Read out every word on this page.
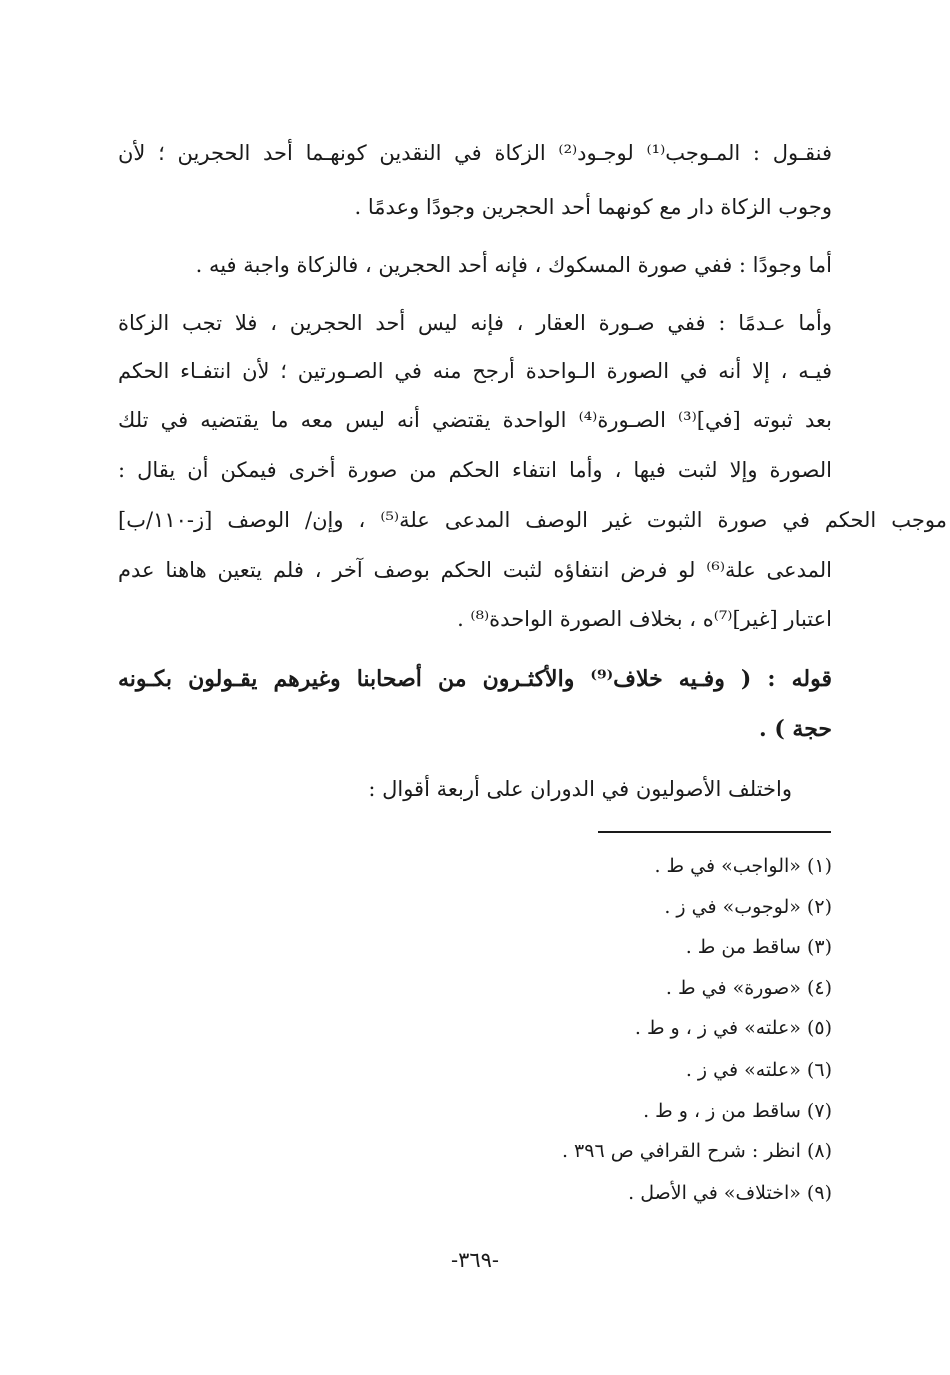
فنقـول : المـوجب⁽¹⁾ لوجـود⁽²⁾ الزكاة في النقدين كونهـما أحد الحجرين ؛ لأن
وجوب الزكاة دار مع كونهما أحد الحجرين وجودًا وعدمًا .
أما وجودًا : ففي صورة المسكوك ، فإنه أحد الحجرين ، فالزكاة واجبة فيه .
وأما عـدمًا : ففي صـورة العقار ، فإنه ليس أحد الحجرين ، فلا تجب الزكاة
فيـه ، إلا أنه في الصورة الـواحدة أرجح منه في الصـورتين ؛ لأن انتفـاء الحكم
بعد ثبوته [في]⁽³⁾ الصـورة⁽⁴⁾ الواحدة يقتضي أنه ليس معه ما يقتضيه في تلك
الصورة وإلا لثبت فيها ، وأما انتفاء الحكم من صورة أخرى فيمكن أن يقال :
موجب الحكم في صورة الثبوت غير الوصف المدعى علة⁽⁵⁾ ، وإن/ الوصف [ز-١١٠/ب]
المدعى علة⁽⁶⁾ لو فرض انتفاؤه لثبت الحكم بوصف آخر ، فلم يتعين هاهنا عدم
اعتبار [غير]⁽⁷⁾ه ، بخلاف الصورة الواحدة⁽⁸⁾ .
قوله : ( وفـيه خلاف⁽⁹⁾ والأكثـرون من أصحابنا وغيرهم يقـولون بكـونه
حجة ) .
واختلف الأصوليون في الدوران على أربعة أقوال :
(١) «الواجب» في ط .
(٢) «لوجوب» في ز .
(٣) ساقط من ط .
(٤) «صورة» في ط .
(٥) «علته» في ز ، و ط .
(٦) «علته» في ز .
(٧) ساقط من ز ، و ط .
(٨) انظر : شرح القرافي ص ٣٩٦ .
(٩) «اختلاف» في الأصل .
-٣٦٩-
